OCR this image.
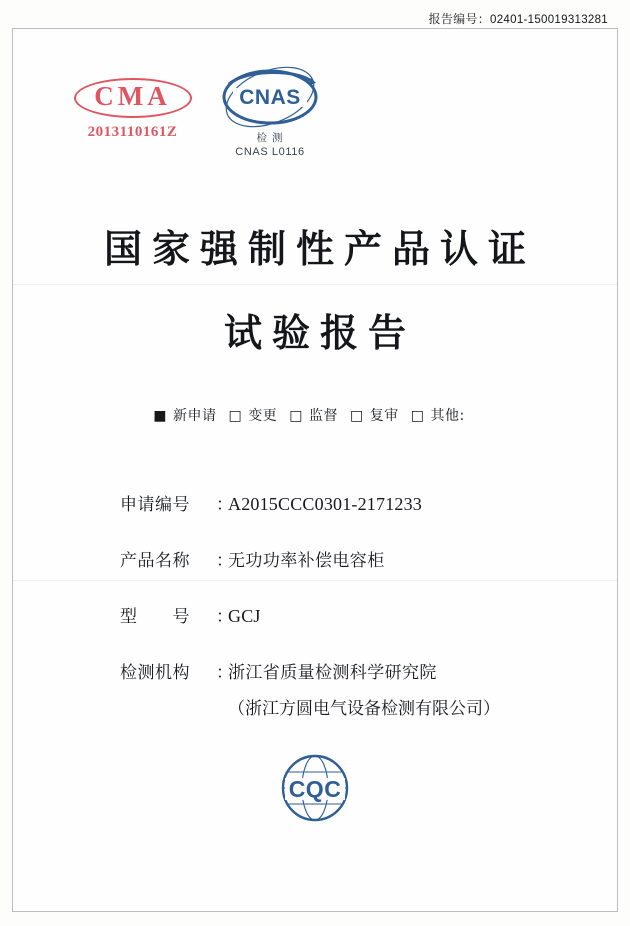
报告编号：02401-150019313281
CMA
2013110161Z
CNAS
检 测
CNAS L0116
国家强制性产品认证
试验报告
■ 新申请 □ 变更 □ 监督 □ 复审 □ 其他:
申请编号	：
A2015CCC0301-2171233
产品名称	：
无功功率补偿电容柜
型　　号	：
GCJ
检测机构	：
浙江省质量检测科学研究院
（浙江方圆电气设备检测有限公司）
CQC
